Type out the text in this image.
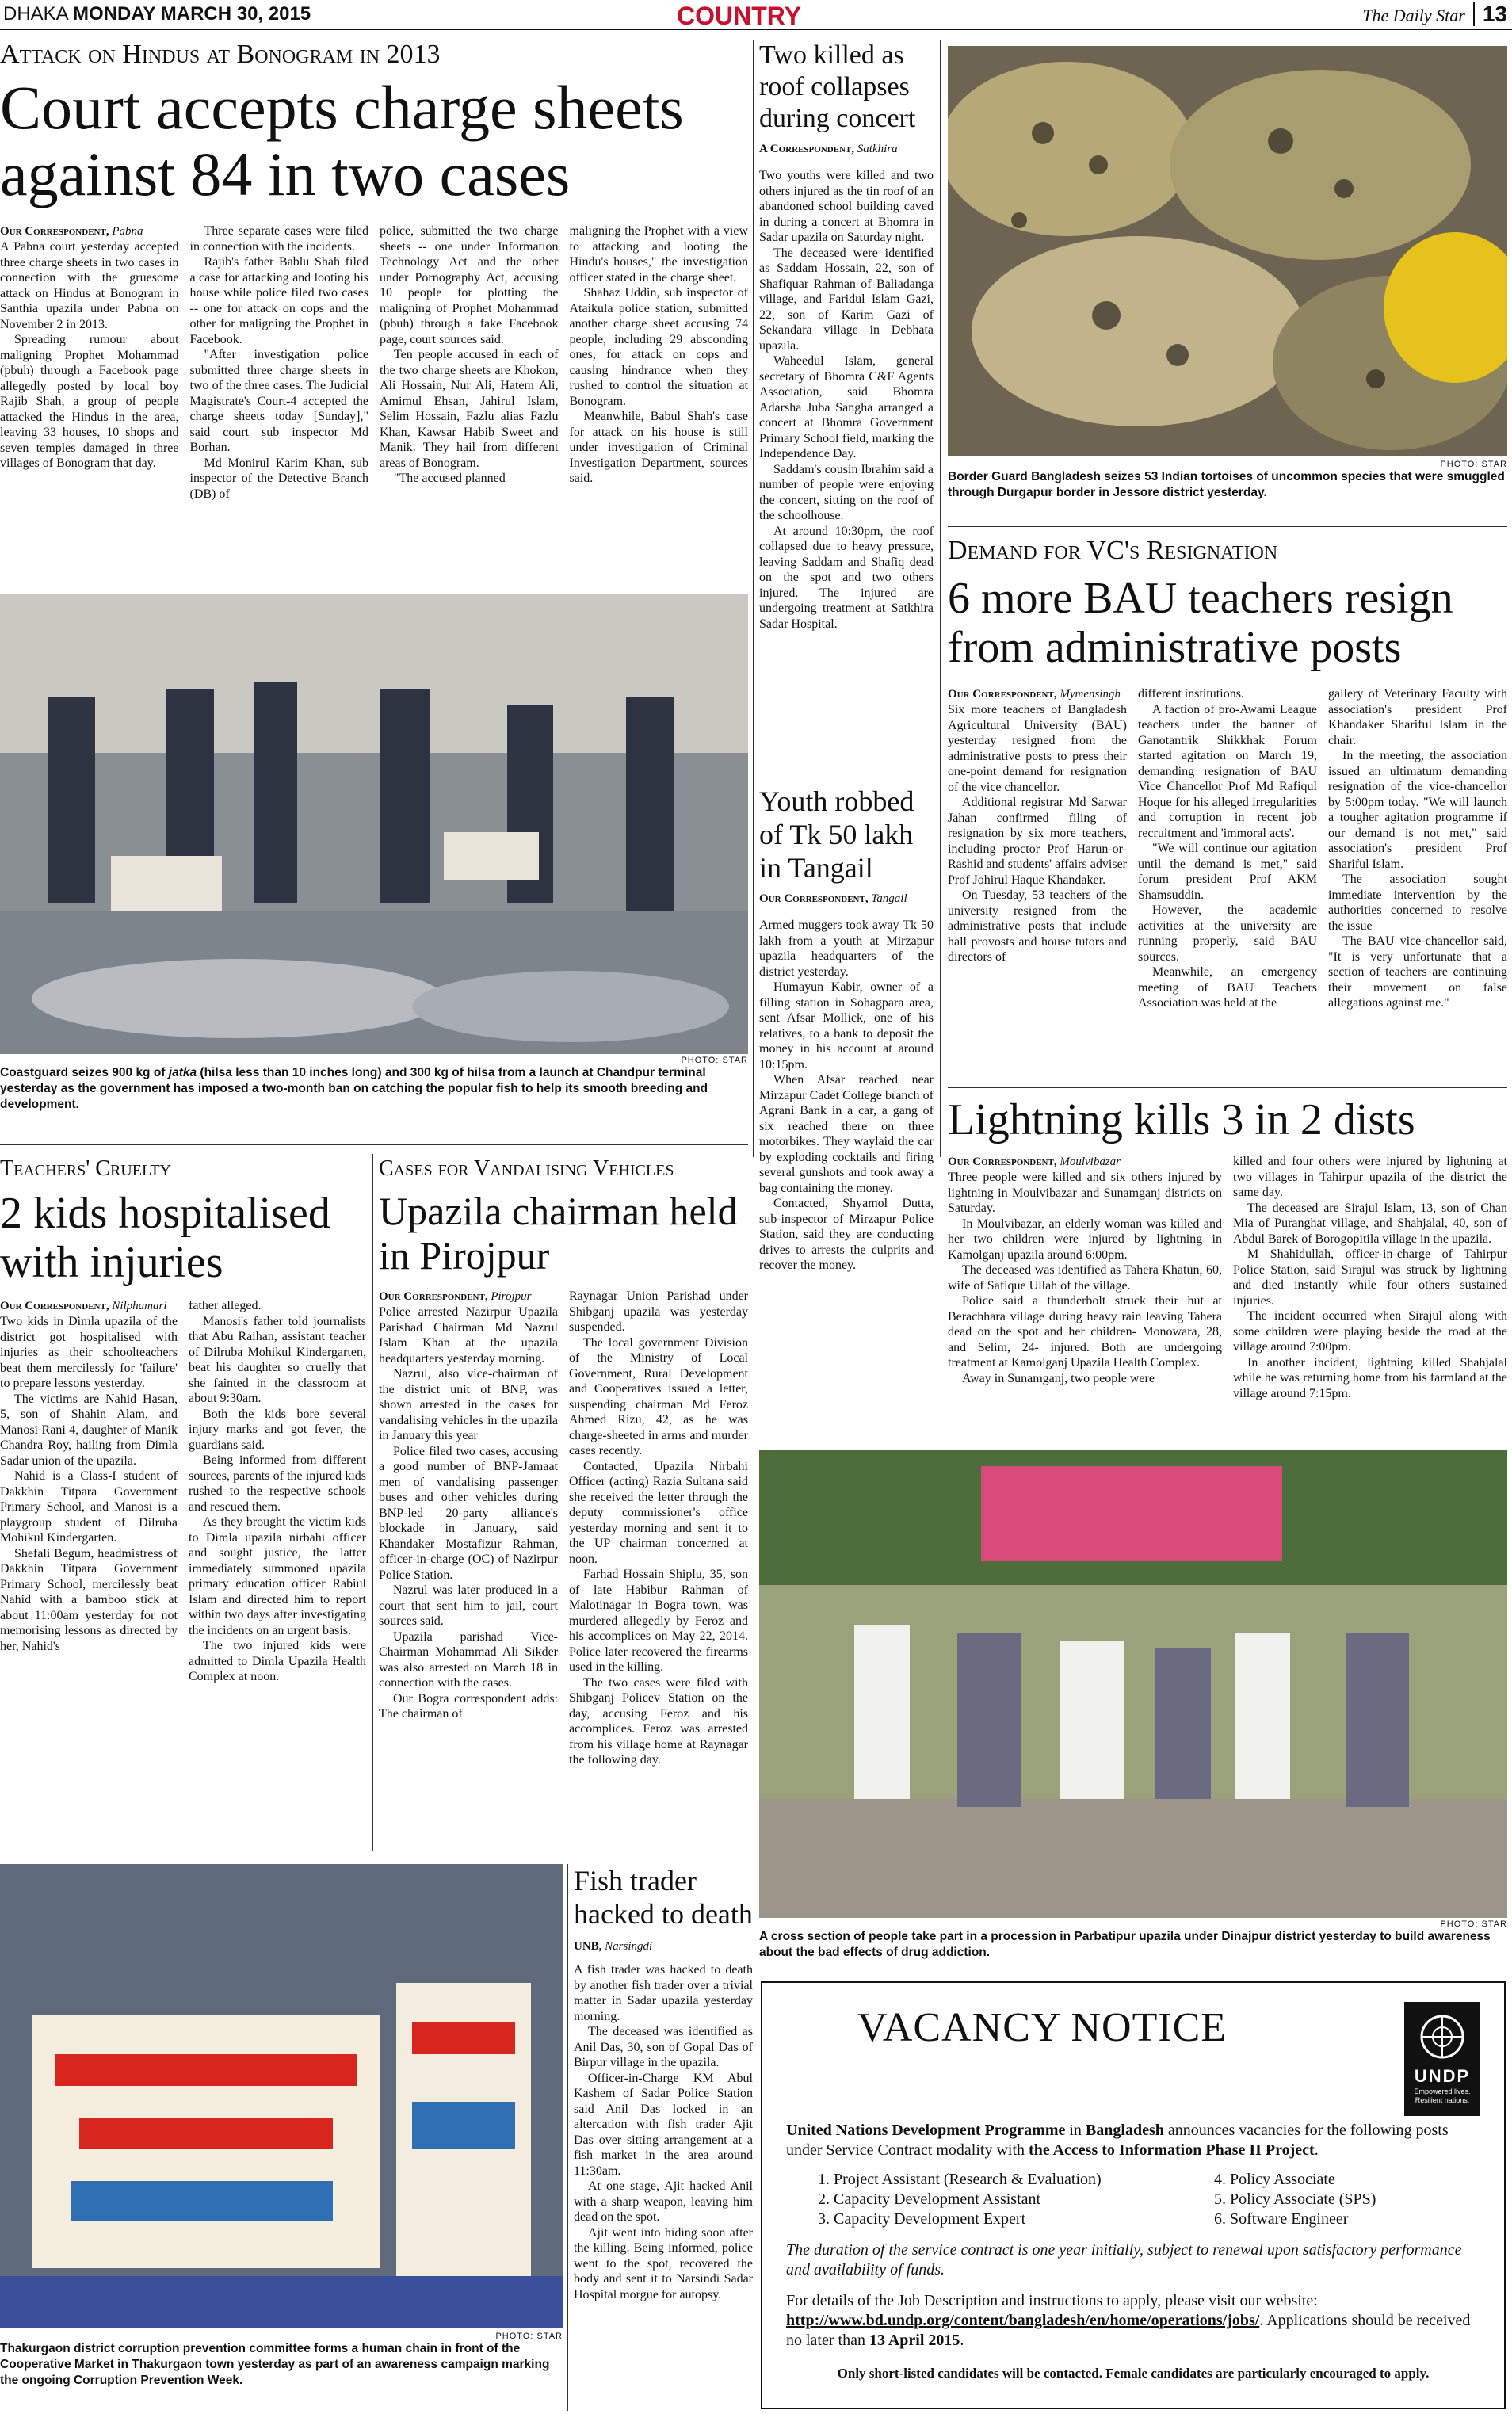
DHAKA MONDAY MARCH 30, 2015	COUNTRY	The Daily Star 13
Attack on Hindus at Bonogram in 2013
Court accepts charge sheets against 84 in two cases
Our Correspondent, Pabna

A Pabna court yesterday accepted three charge sheets in two cases in connection with the gruesome attack on Hindus at Bonogram in Santhia upazila under Pabna on November 2 in 2013.

Spreading rumour about maligning Prophet Mohammad (pbuh) through a Facebook page allegedly posted by local boy Rajib Shah, a group of people attacked the Hindus in the area, leaving 33 houses, 10 shops and seven temples damaged in three villages of Bonogram that day.

Three separate cases were filed in connection with the incidents.

Rajib's father Bablu Shah filed a case for attacking and looting his house while police filed two cases -- one for attack on cops and the other for maligning the Prophet in Facebook.

"After investigation police submitted three charge sheets in two of the three cases. The Judicial Magistrate's Court-4 accepted the charge sheets today [Sunday]," said court sub inspector Md Borhan.

Md Monirul Karim Khan, sub inspector of the Detective Branch (DB) of

police, submitted the two charge sheets -- one under Information Technology Act and the other under Pornography Act, accusing 10 people for plotting the maligning of Prophet Mohammad (pbuh) through a fake Facebook page, court sources said.

Ten people accused in each of the two charge sheets are Khokon, Ali Hossain, Nur Ali, Hatem Ali, Amimul Ehsan, Jahirul Islam, Selim Hossain, Fazlu alias Fazlu Khan, Kawsar Habib Sweet and Manik. They hail from different areas of Bonogram.

"The accused planned

maligning the Prophet with a view to attacking and looting the Hindu's houses," the investigation officer stated in the charge sheet.

Shahaz Uddin, sub inspector of Ataikula police station, submitted another charge sheet accusing 74 people, including 29 absconding ones, for attack on cops and causing hindrance when they rushed to control the situation at Bonogram.

Meanwhile, Babul Shah's case for attack on his house is still under investigation of Criminal Investigation Department, sources said.

Two killed as roof collapses during concert
A Correspondent, Satkhira

Two youths were killed and two others injured as the tin roof of an abandoned school building caved in during a concert at Bhomra in Sadar upazila on Saturday night.

The deceased were identified as Saddam Hossain, 22, son of Shafiquar Rahman of Baliadanga village, and Faridul Islam Gazi, 22, son of Karim Gazi of Sekandara village in Debhata upazila.

Waheedul Islam, general secretary of Bhomra C&F Agents Association, said Bhomra Adarsha Juba Sangha arranged a concert at Bhomra Government Primary School field, marking the Independence Day.

Saddam's cousin Ibrahim said a number of people were enjoying the concert, sitting on the roof of the schoolhouse.

At around 10:30pm, the roof collapsed due to heavy pressure, leaving Saddam and Shafiq dead on the spot and two others injured. The injured are undergoing treatment at Satkhira Sadar Hospital.

PHOTO: STAR
Border Guard Bangladesh seizes 53 Indian tortoises of uncommon species that were smuggled through Durgapur border in Jessore district yesterday.
Demand for VC's Resignation
6 more BAU teachers resign from administrative posts
Our Correspondent, Mymensingh

Six more teachers of Bangladesh Agricultural University (BAU) yesterday resigned from the administrative posts to press their one-point demand for resignation of the vice chancellor.

Additional registrar Md Sarwar Jahan confirmed filing of resignation by six more teachers, including proctor Prof Harun-or-Rashid and students' affairs adviser Prof Johirul Haque Khandaker.

On Tuesday, 53 teachers of the university resigned from the administrative posts that include hall provosts and house tutors and directors of

different institutions.

A faction of pro-Awami League teachers under the banner of Ganotantrik Shikkhak Forum started agitation on March 19, demanding resignation of BAU Vice Chancellor Prof Md Rafiqul Hoque for his alleged irregularities and corruption in recent job recruitment and 'immoral acts'.

"We will continue our agitation until the demand is met," said forum president Prof AKM Shamsuddin.

However, the academic activities at the university are running properly, said BAU sources.

Meanwhile, an emergency meeting of BAU Teachers Association was held at the

gallery of Veterinary Faculty with association's president Prof Khandaker Shariful Islam in the chair.

In the meeting, the association issued an ultimatum demanding resignation of the vice-chancellor by 5:00pm today. "We will launch a tougher agitation programme if our demand is not met," said association's president Prof Shariful Islam.

The association sought immediate intervention by the authorities concerned to resolve the issue

The BAU vice-chancellor said, "It is very unfortunate that a section of teachers are continuing their movement on false allegations against me."

PHOTO: STAR
Coastguard seizes 900 kg of jatka (hilsa less than 10 inches long) and 300 kg of hilsa from a launch at Chandpur terminal yesterday as the government has imposed a two-month ban on catching the popular fish to help its smooth breeding and development.
Youth robbed of Tk 50 lakh in Tangail
Our Correspondent, Tangail

Armed muggers took away Tk 50 lakh from a youth at Mirzapur upazila headquarters of the district yesterday.

Humayun Kabir, owner of a filling station in Sohagpara area, sent Afsar Mollick, one of his relatives, to a bank to deposit the money in his account at around 10:15pm.

When Afsar reached near Mirzapur Cadet College branch of Agrani Bank in a car, a gang of six reached there on three motorbikes. They waylaid the car by exploding cocktails and firing several gunshots and took away a bag containing the money.

Contacted, Shyamol Dutta, sub-inspector of Mirzapur Police Station, said they are conducting drives to arrests the culprits and recover the money.

Lightning kills 3 in 2 dists
Our Correspondent, Moulvibazar

Three people were killed and six others injured by lightning in Moulvibazar and Sunamganj districts on Saturday.

In Moulvibazar, an elderly woman was killed and her two children were injured by lightning in Kamolganj upazila around 6:00pm.

The deceased was identified as Tahera Khatun, 60, wife of Safique Ullah of the village.

Police said a thunderbolt struck their hut at Berachhara village during heavy rain leaving Tahera dead on the spot and her children- Monowara, 28, and Selim, 24- injured. Both are undergoing treatment at Kamolganj Upazila Health Complex.

Away in Sunamganj, two people were

killed and four others were injured by lightning at two villages in Tahirpur upazila of the district the same day.

The deceased are Sirajul Islam, 13, son of Chan Mia of Puranghat village, and Shahjalal, 40, son of Abdul Barek of Borogopitila village in the upazila.

M Shahidullah, officer-in-charge of Tahirpur Police Station, said Sirajul was struck by lightning and died instantly while four others sustained injuries.

The incident occurred when Sirajul along with some children were playing beside the road at the village around 7:00pm.

In another incident, lightning killed Shahjalal while he was returning home from his farmland at the village around 7:15pm.

Teachers' Cruelty
2 kids hospitalised with injuries
Our Correspondent, Nilphamari

Two kids in Dimla upazila of the district got hospitalised with injuries as their schoolteachers beat them mercilessly for 'failure' to prepare lessons yesterday.

The victims are Nahid Hasan, 5, son of Shahin Alam, and Manosi Rani 4, daughter of Manik Chandra Roy, hailing from Dimla Sadar union of the upazila.

Nahid is a Class-I student of Dakkhin Titpara Government Primary School, and Manosi is a playgroup student of Dilruba Mohikul Kindergarten.

Shefali Begum, headmistress of Dakkhin Titpara Government Primary School, mercilessly beat Nahid with a bamboo stick at about 11:00am yesterday for not memorising lessons as directed by her, Nahid's

father alleged.

Manosi's father told journalists that Abu Raihan, assistant teacher of Dilruba Mohikul Kindergarten, beat his daughter so cruelly that she fainted in the classroom at about 9:30am.

Both the kids bore several injury marks and got fever, the guardians said.

Being informed from different sources, parents of the injured kids rushed to the respective schools and rescued them.

As they brought the victim kids to Dimla upazila nirbahi officer and sought justice, the latter immediately summoned upazila primary education officer Rabiul Islam and directed him to report within two days after investigating the incidents on an urgent basis.

The two injured kids were admitted to Dimla Upazila Health Complex at noon.

Cases for Vandalising Vehicles
Upazila chairman held in Pirojpur
Our Correspondent, Pirojpur

Police arrested Nazirpur Upazila Parishad Chairman Md Nazrul Islam Khan at the upazila headquarters yesterday morning.

Nazrul, also vice-chairman of the district unit of BNP, was shown arrested in the cases for vandalising vehicles in the upazila in January this year

Police filed two cases, accusing a good number of BNP-Jamaat men of vandalising passenger buses and other vehicles during BNP-led 20-party alliance's blockade in January, said Khandaker Mostafizur Rahman, officer-in-charge (OC) of Nazirpur Police Station.

Nazrul was later produced in a court that sent him to jail, court sources said.

Upazila parishad Vice-Chairman Mohammad Ali Sikder was also arrested on March 18 in connection with the cases.

Our Bogra correspondent adds: The chairman of

Raynagar Union Parishad under Shibganj upazila was yesterday suspended.

The local government Division of the Ministry of Local Government, Rural Development and Cooperatives issued a letter, suspending chairman Md Feroz Ahmed Rizu, 42, as he was charge-sheeted in arms and murder cases recently.

Contacted, Upazila Nirbahi Officer (acting) Razia Sultana said she received the letter through the deputy commissioner's office yesterday morning and sent it to the UP chairman concerned at noon.

Farhad Hossain Shiplu, 35, son of late Habibur Rahman of Malotinagar in Bogra town, was murdered allegedly by Feroz and his accomplices on May 22, 2014. Police later recovered the firearms used in the killing.

The two cases were filed with Shibganj Policev Station on the day, accusing Feroz and his accomplices. Feroz was arrested from his village home at Raynagar the following day.

PHOTO: STAR
A cross section of people take part in a procession in Parbatipur upazila under Dinajpur district yesterday to build awareness about the bad effects of drug addiction.
PHOTO: STAR
Thakurgaon district corruption prevention committee forms a human chain in front of the Cooperative Market in Thakurgaon town yesterday as part of an awareness campaign marking the ongoing Corruption Prevention Week.
Fish trader hacked to death
UNB, Narsingdi

A fish trader was hacked to death by another fish trader over a trivial matter in Sadar upazila yesterday morning.

The deceased was identified as Anil Das, 30, son of Gopal Das of Birpur village in the upazila.

Officer-in-Charge KM Abul Kashem of Sadar Police Station said Anil Das locked in an altercation with fish trader Ajit Das over sitting arrangement at a fish market in the area around 11:30am.

At one stage, Ajit hacked Anil with a sharp weapon, leaving him dead on the spot.

Ajit went into hiding soon after the killing. Being informed, police went to the spot, recovered the body and sent it to Narsindi Sadar Hospital morgue for autopsy.

VACANCY NOTICE
UNDP
Empowered lives. Resilient nations.
United Nations Development Programme in Bangladesh announces vacancies for the following posts under Service Contract modality with the Access to Information Phase II Project.
1. Project Assistant (Research & Evaluation)
2. Capacity Development Assistant
3. Capacity Development Expert
4. Policy Associate
5. Policy Associate (SPS)
6. Software Engineer
The duration of the service contract is one year initially, subject to renewal upon satisfactory performance and availability of funds.
For details of the Job Description and instructions to apply, please visit our website: http://www.bd.undp.org/content/bangladesh/en/home/operations/jobs/. Applications should be received no later than 13 April 2015.
Only short-listed candidates will be contacted. Female candidates are particularly encouraged to apply.
